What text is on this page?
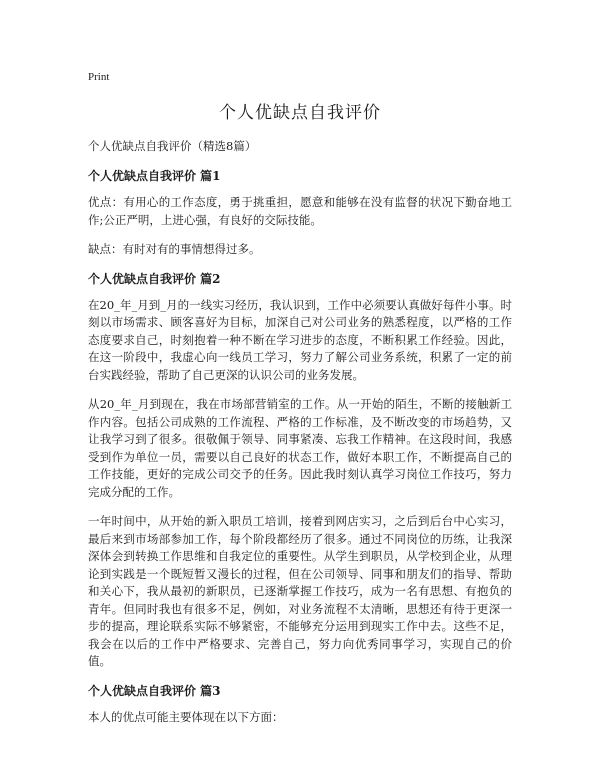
Print
个人优缺点自我评价

个人优缺点自我评价（精选8篇）

个人优缺点自我评价 篇1

优点：有用心的工作态度，勇于挑重担，愿意和能够在没有监督的状况下勤奋地工作;公正严明，上进心强，有良好的交际技能。

缺点：有时对有的事情想得过多。

个人优缺点自我评价 篇2

在20_年_月到_月的一线实习经历，我认识到，工作中必须要认真做好每件小事。时刻以市场需求、顾客喜好为目标，加深自己对公司业务的熟悉程度，以严格的工作态度要求自己，时刻抱着一种不断在学习进步的态度，不断积累工作经验。因此，在这一阶段中，我虚心向一线员工学习，努力了解公司业务系统，积累了一定的前台实践经验，帮助了自己更深的认识公司的业务发展。

从20_年_月到现在，我在市场部营销室的工作。从一开始的陌生，不断的接触新工作内容。包括公司成熟的工作流程、严格的工作标准，及不断改变的市场趋势，又让我学习到了很多。很敬佩于领导、同事紧凑、忘我工作精神。在这段时间，我感受到作为单位一员，需要以自己良好的状态工作，做好本职工作，不断提高自己的工作技能，更好的完成公司交予的任务。因此我时刻认真学习岗位工作技巧，努力完成分配的工作。

一年时间中，从开始的新入职员工培训，接着到网店实习，之后到后台中心实习，最后来到市场部参加工作，每个阶段都经历了很多。通过不同岗位的历练，让我深深体会到转换工作思维和自我定位的重要性。从学生到职员，从学校到企业，从理论到实践是一个既短暂又漫长的过程，但在公司领导、同事和朋友们的指导、帮助和关心下，我从最初的新职员，已逐渐掌握工作技巧，成为一名有思想、有抱负的青年。但同时我也有很多不足，例如，对业务流程不太清晰，思想还有待于更深一步的提高，理论联系实际不够紧密，不能够充分运用到现实工作中去。这些不足，我会在以后的工作中严格要求、完善自己，努力向优秀同事学习，实现自己的价值。

个人优缺点自我评价 篇3

本人的优点可能主要体现在以下方面：
